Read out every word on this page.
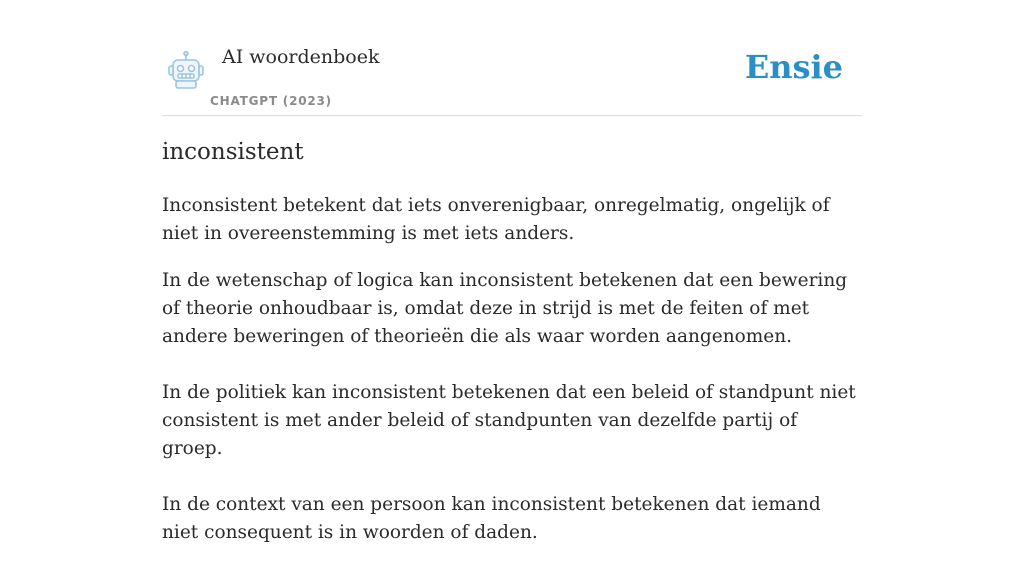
AI woordenboek
CHATGPT (2023)
Ensie
inconsistent

Inconsistent betekent dat iets onverenigbaar, onregelmatig, ongelijk of niet in overeenstemming is met iets anders.

In de wetenschap of logica kan inconsistent betekenen dat een bewering of theorie onhoudbaar is, omdat deze in strijd is met de feiten of met andere beweringen of theorieën die als waar worden aangenomen.

In de politiek kan inconsistent betekenen dat een beleid of standpunt niet consistent is met ander beleid of standpunten van dezelfde partij of groep.

In de context van een persoon kan inconsistent betekenen dat iemand niet consequent is in woorden of daden.
